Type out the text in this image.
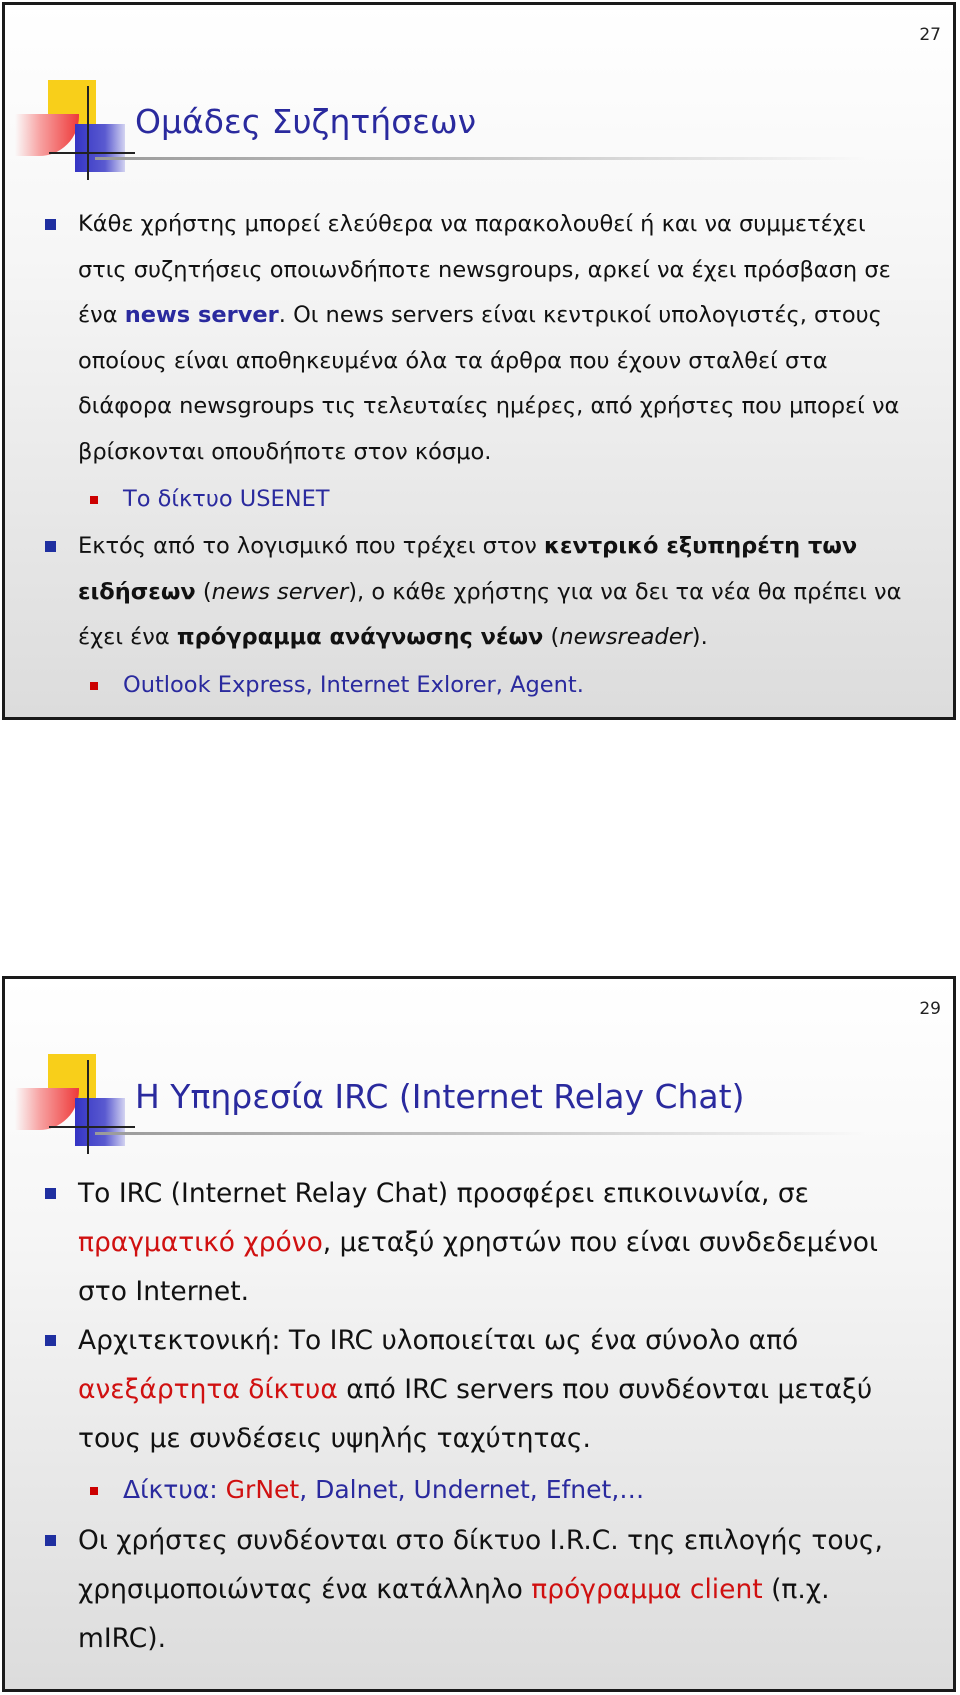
27
Ομάδες Συζητήσεων
Κάθε χρήστης μπορεί ελεύθερα να παρακολουθεί ή και να συμμετέχει στις συζητήσεις οποιωνδήποτε newsgroups, αρκεί να έχει πρόσβαση σε ένα news server. Οι news servers είναι κεντρικοί υπολογιστές, στους οποίους είναι αποθηκευμένα όλα τα άρθρα που έχουν σταλθεί στα διάφορα newsgroups τις τελευταίες ημέρες, από χρήστες που μπορεί να βρίσκονται οπουδήποτε στον κόσμο.
Το δίκτυο USENET
Εκτός από το λογισμικό που τρέχει στον κεντρικό εξυπηρέτη των ειδήσεων (news server), ο κάθε χρήστης για να δει τα νέα θα πρέπει να έχει ένα πρόγραμμα ανάγνωσης νέων (newsreader).
Outlook Express, Internet Exlorer, Agent.
29
Η Υπηρεσία IRC (Internet Relay Chat)
Το IRC (Internet Relay Chat) προσφέρει επικοινωνία, σε πραγματικό χρόνο, μεταξύ χρηστών που είναι συνδεδεμένοι στο Internet.
Αρχιτεκτονική: Το IRC υλοποιείται ως ένα σύνολο από ανεξάρτητα δίκτυα από IRC servers που συνδέονται μεταξύ τους με συνδέσεις υψηλής ταχύτητας.
Δίκτυα: GrNet, Dalnet, Undernet, Efnet,…
Οι χρήστες συνδέονται στο δίκτυο I.R.C. της επιλογής τους, χρησιμοποιώντας ένα κατάλληλο πρόγραμμα client (π.χ. mIRC).
